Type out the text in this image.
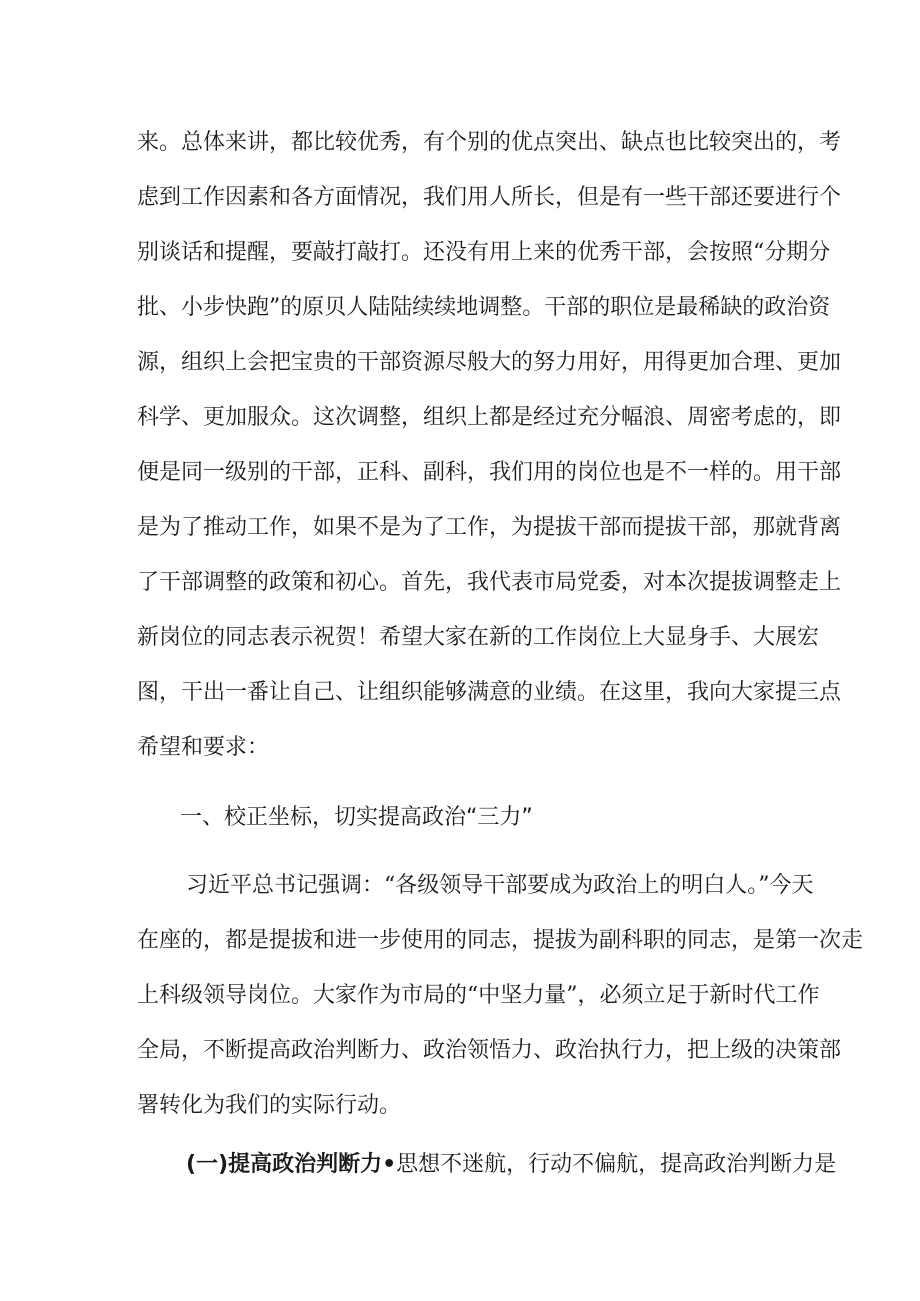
来。总体来讲，都比较优秀，有个别的优点突出、缺点也比较突出的，考
虑到工作因素和各方面情况，我们用人所长，但是有一些干部还要进行个
别谈话和提醒，要敲打敲打。还没有用上来的优秀干部，会按照“分期分
批、小步快跑”的原贝人陆陆续续地调整。干部的职位是最稀缺的政治资
源，组织上会把宝贵的干部资源尽般大的努力用好，用得更加合理、更加
科学、更加服众。这次调整，组织上都是经过充分幅浪、周密考虑的，即
便是同一级别的干部，正科、副科，我们用的岗位也是不一样的。用干部
是为了推动工作，如果不是为了工作，为提拔干部而提拔干部，那就背离
了干部调整的政策和初心。首先，我代表市局党委，对本次提拔调整走上
新岗位的同志表示祝贺！希望大家在新的工作岗位上大显身手、大展宏
图，干出一番让自己、让组织能够满意的业绩。在这里，我向大家提三点
希望和要求：
一、校正坐标，切实提高政治“三力”
习近平总书记强调：“各级领导干部要成为政治上的明白人。”今天
在座的，都是提拔和进一步使用的同志，提拔为副科职的同志，是第一次走
上科级领导岗位。大家作为市局的“中坚力量”，必须立足于新时代工作
全局，不断提高政治判断力、政治领悟力、政治执行力，把上级的决策部
署转化为我们的实际行动。
(一)提高政治判断力•思想不迷航，行动不偏航，提高政治判断力是
